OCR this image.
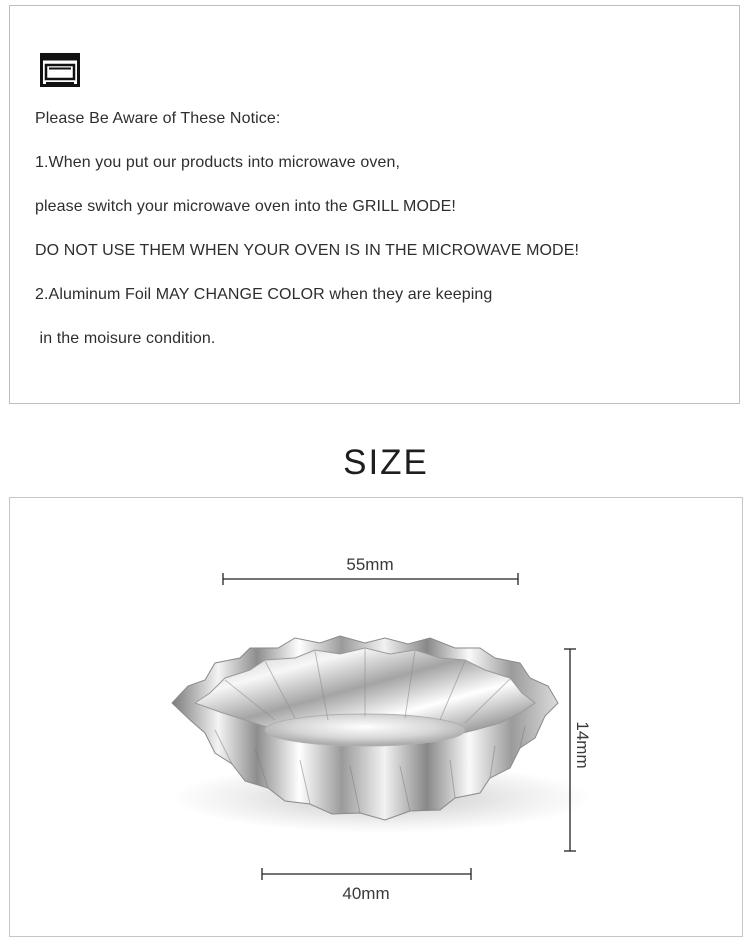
Please Be Aware of These Notice:
1.When you put our products into microwave oven,
please switch your microwave oven into the GRILL MODE!
DO NOT USE THEM WHEN YOUR OVEN IS IN THE MICROWAVE MODE!
2.Aluminum Foil MAY CHANGE COLOR when they are keeping
in the moisure condition.
SIZE
14mm
55mm
40mm
